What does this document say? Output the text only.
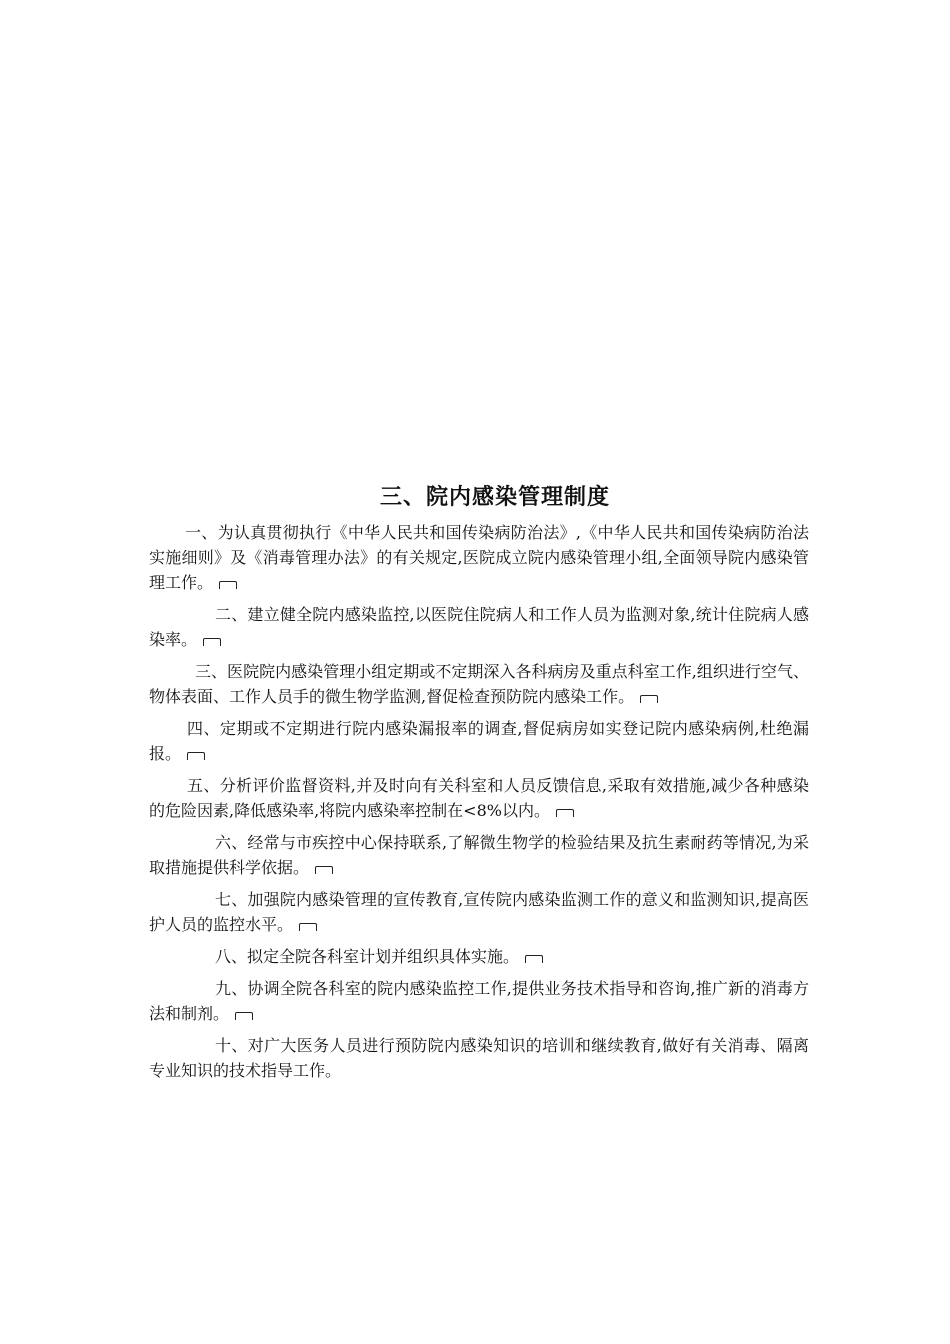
三、院内感染管理制度

一、为认真贯彻执行《中华人民共和国传染病防治法》,《中华人民共和国传染病防治法实施细则》及《消毒管理办法》的有关规定,医院成立院内感染管理小组,全面领导院内感染管理工作。

二、建立健全院内感染监控,以医院住院病人和工作人员为监测对象,统计住院病人感染率。

三、医院院内感染管理小组定期或不定期深入各科病房及重点科室工作,组织进行空气、物体表面、工作人员手的微生物学监测,督促检查预防院内感染工作。

四、定期或不定期进行院内感染漏报率的调查,督促病房如实登记院内感染病例,杜绝漏报。

五、分析评价监督资料,并及时向有关科室和人员反馈信息,采取有效措施,减少各种感染的危险因素,降低感染率,将院内感染率控制在<8%以内。

六、经常与市疾控中心保持联系,了解微生物学的检验结果及抗生素耐药等情况,为采取措施提供科学依据。

七、加强院内感染管理的宣传教育,宣传院内感染监测工作的意义和监测知识,提高医护人员的监控水平。

八、拟定全院各科室计划并组织具体实施。

九、协调全院各科室的院内感染监控工作,提供业务技术指导和咨询,推广新的消毒方法和制剂。

十、对广大医务人员进行预防院内感染知识的培训和继续教育,做好有关消毒、隔离专业知识的技术指导工作。
